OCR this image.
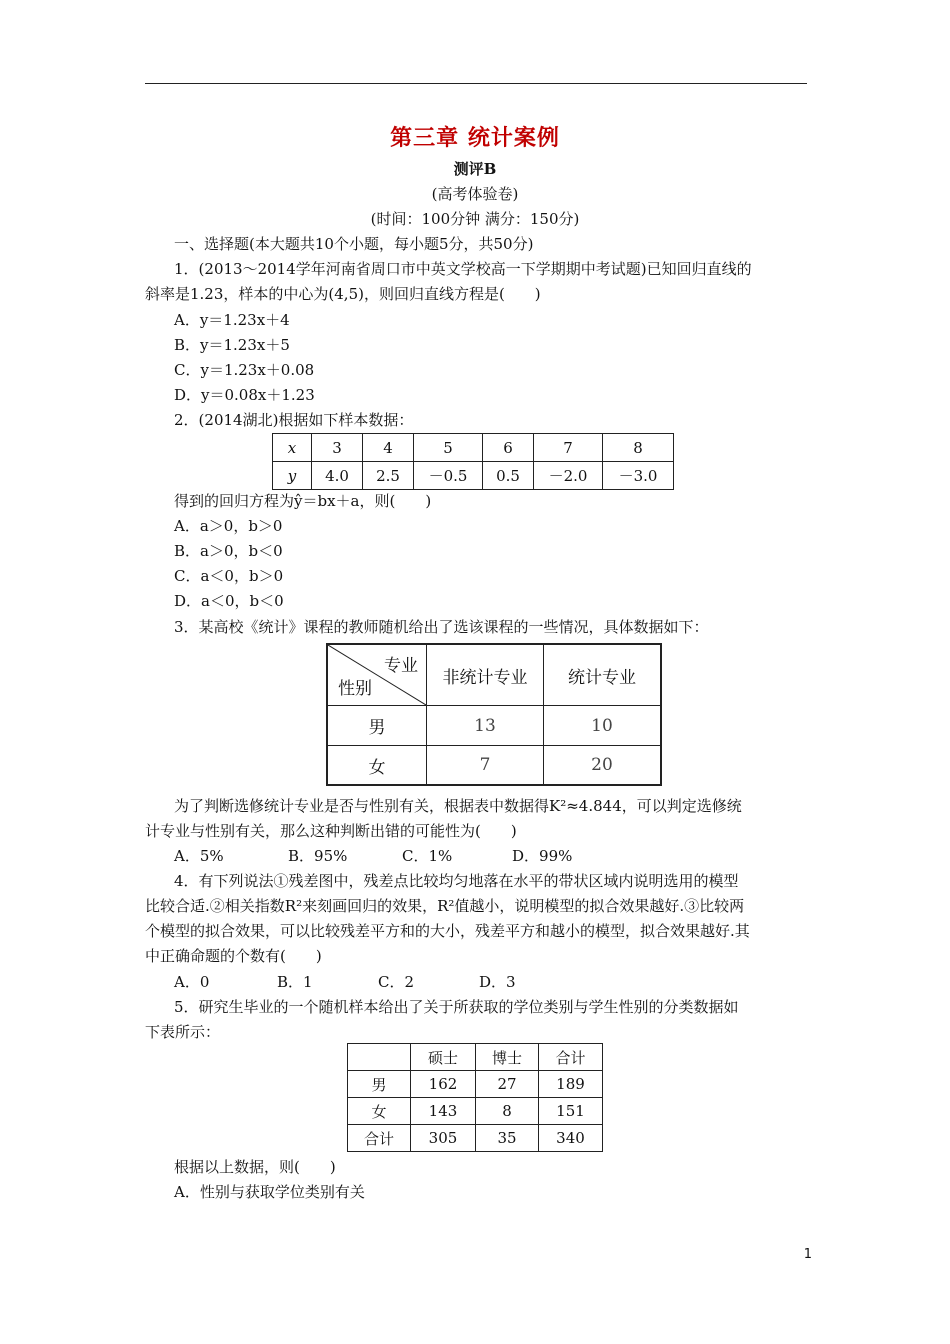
第三章 统计案例
测评B
(高考体验卷)
(时间：100分钟 满分：150分)
一、选择题(本大题共10个小题，每小题5分，共50分)
1．(2013～2014学年河南省周口市中英文学校高一下学期期中考试题)已知回归直线的
斜率是1.23，样本的中心为(4,5)，则回归直线方程是(　　)
A．y＝1.23x＋4
B．y＝1.23x＋5
C．y＝1.23x＋0.08
D．y＝0.08x＋1.23
2．(2014湖北)根据如下样本数据：
x	3	4	5	6	7	8
y	4.0	2.5	－0.5	0.5	－2.0	－3.0
得到的回归方程为ŷ＝bx＋a，则(　　)
A．a＞0，b＞0
B．a＞0，b＜0
C．a＜0，b＞0
D．a＜0，b＜0
3．某高校《统计》课程的教师随机给出了选该课程的一些情况，具体数据如下：
专业
性别	非统计专业	统计专业
男	13	10
女	7	20
为了判断选修统计专业是否与性别有关，根据表中数据得K²≈4.844，可以判定选修统
计专业与性别有关，那么这种判断出错的可能性为(　　)
A．5%	B．95%	C．1%	D．99%
4．有下列说法①残差图中，残差点比较均匀地落在水平的带状区域内说明选用的模型
比较合适.②相关指数R²来刻画回归的效果，R²值越小，说明模型的拟合效果越好.③比较两
个模型的拟合效果，可以比较残差平方和的大小，残差平方和越小的模型，拟合效果越好.其
中正确命题的个数有(　　)
A．0	B．1	C．2	D．3
5．研究生毕业的一个随机样本给出了关于所获取的学位类别与学生性别的分类数据如
下表所示：
	硕士	博士	合计
男	162	27	189
女	143	8	151
合计	305	35	340
根据以上数据，则(　　)
A．性别与获取学位类别有关
1
